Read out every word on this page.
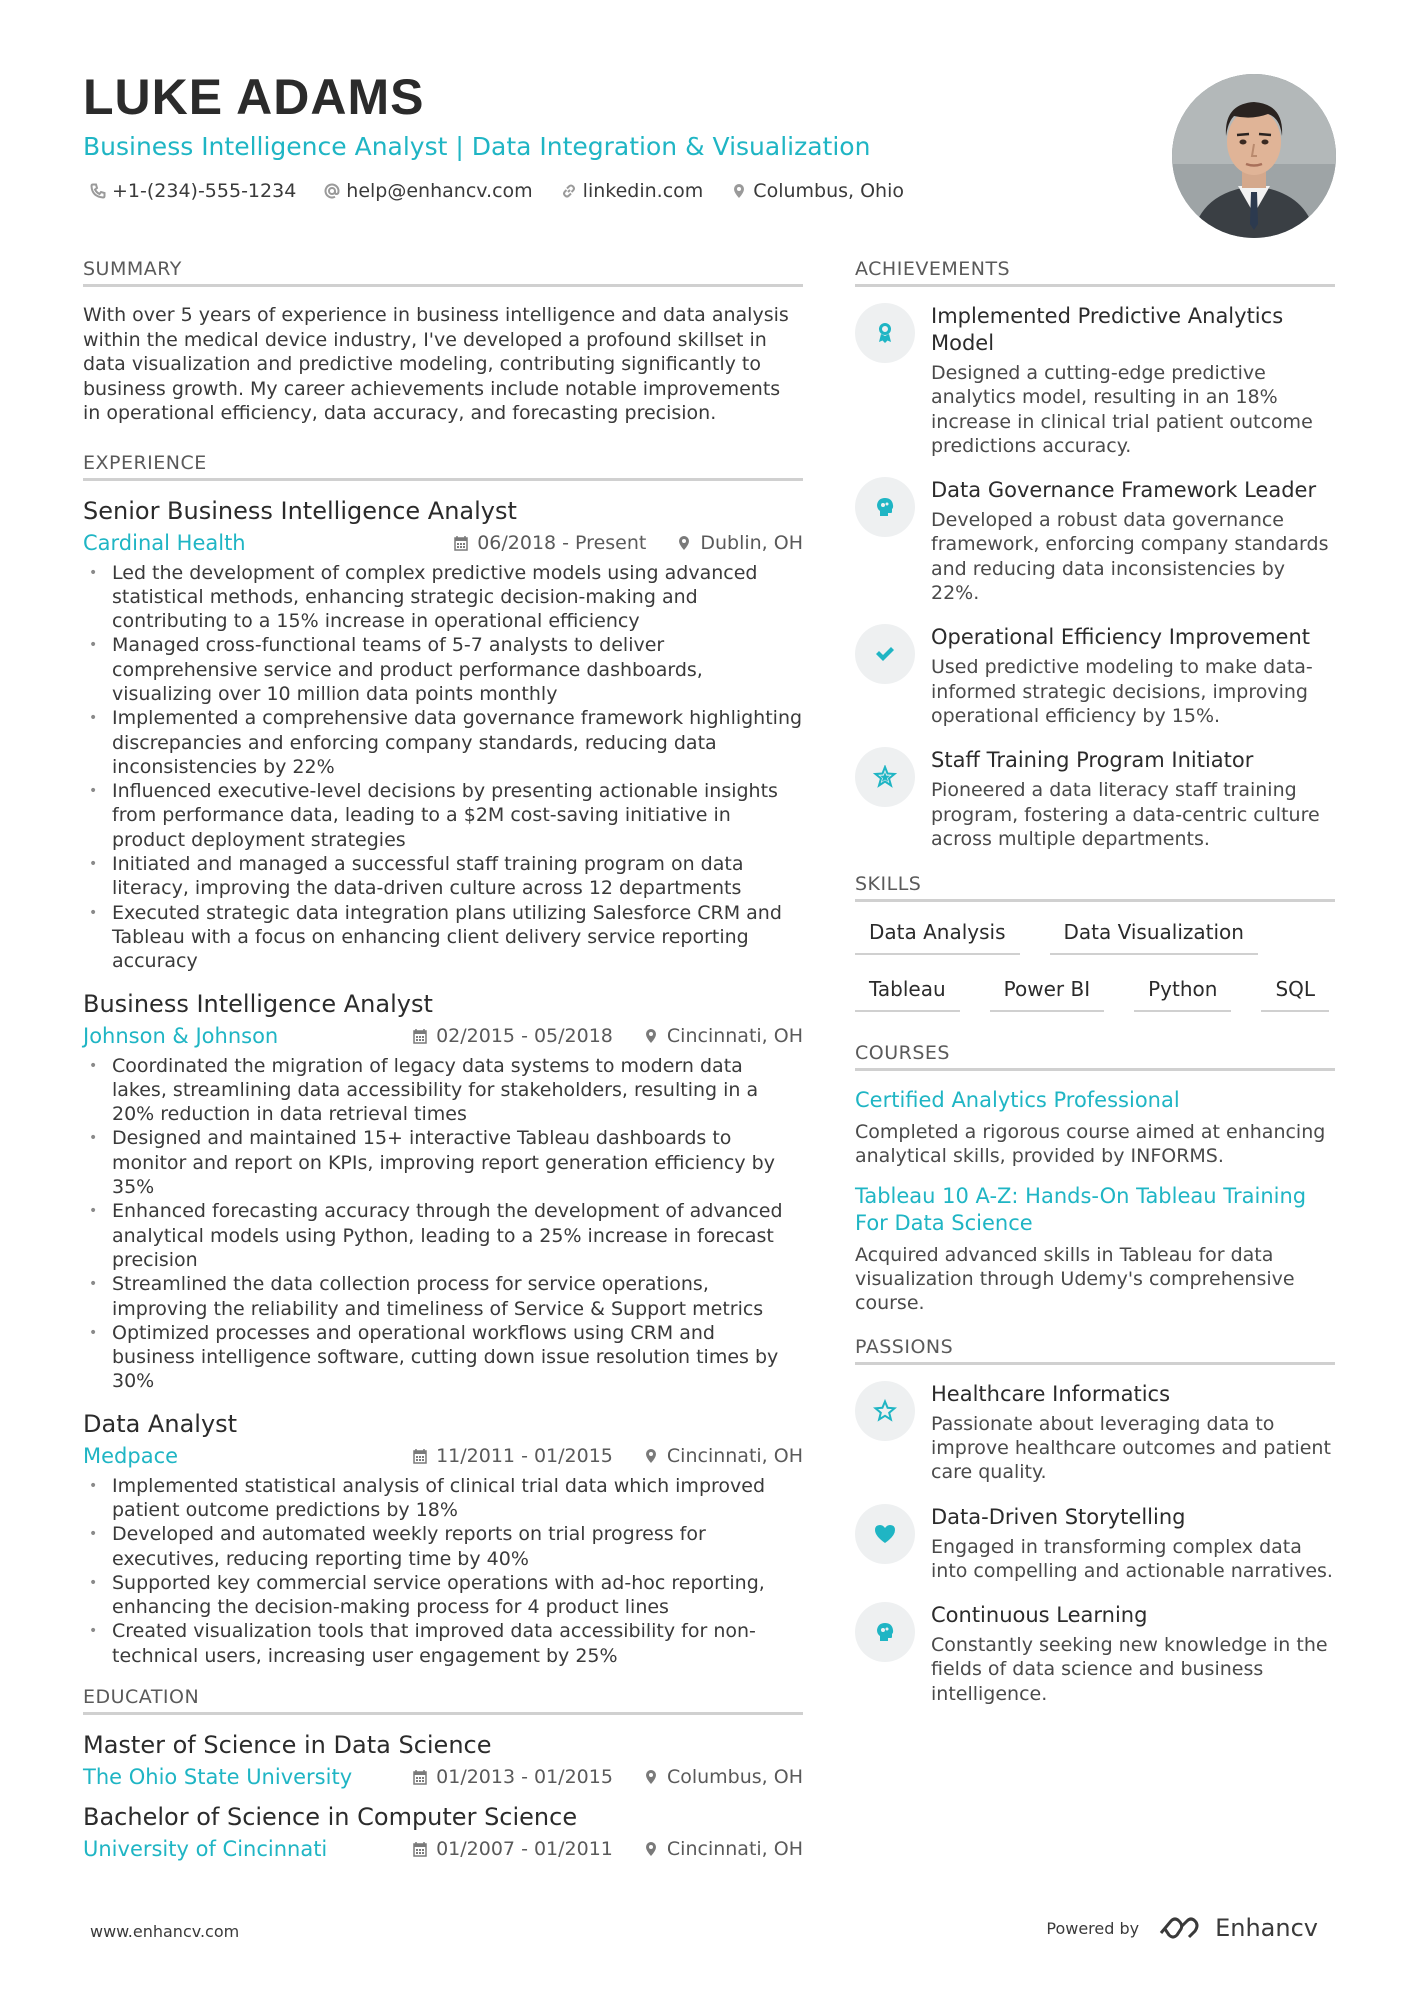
LUKE ADAMS
Business Intelligence Analyst | Data Integration & Visualization
+1-(234)-555-1234	help@enhancv.com	linkedin.com	Columbus, Ohio
SUMMARY
With over 5 years of experience in business intelligence and data analysis within the medical device industry, I've developed a profound skillset in data visualization and predictive modeling, contributing significantly to business growth. My career achievements include notable improvements in operational efficiency, data accuracy, and forecasting precision.
EXPERIENCE
Senior Business Intelligence Analyst
Cardinal Health	06/2018 - Present	Dublin, OH
• Led the development of complex predictive models using advanced statistical methods, enhancing strategic decision-making and contributing to a 15% increase in operational efficiency
• Managed cross-functional teams of 5-7 analysts to deliver comprehensive service and product performance dashboards, visualizing over 10 million data points monthly
• Implemented a comprehensive data governance framework highlighting discrepancies and enforcing company standards, reducing data inconsistencies by 22%
• Influenced executive-level decisions by presenting actionable insights from performance data, leading to a $2M cost-saving initiative in product deployment strategies
• Initiated and managed a successful staff training program on data literacy, improving the data-driven culture across 12 departments
• Executed strategic data integration plans utilizing Salesforce CRM and Tableau with a focus on enhancing client delivery service reporting accuracy
Business Intelligence Analyst
Johnson & Johnson	02/2015 - 05/2018	Cincinnati, OH
• Coordinated the migration of legacy data systems to modern data lakes, streamlining data accessibility for stakeholders, resulting in a 20% reduction in data retrieval times
• Designed and maintained 15+ interactive Tableau dashboards to monitor and report on KPIs, improving report generation efficiency by 35%
• Enhanced forecasting accuracy through the development of advanced analytical models using Python, leading to a 25% increase in forecast precision
• Streamlined the data collection process for service operations, improving the reliability and timeliness of Service & Support metrics
• Optimized processes and operational workflows using CRM and business intelligence software, cutting down issue resolution times by 30%
Data Analyst
Medpace	11/2011 - 01/2015	Cincinnati, OH
• Implemented statistical analysis of clinical trial data which improved patient outcome predictions by 18%
• Developed and automated weekly reports on trial progress for executives, reducing reporting time by 40%
• Supported key commercial service operations with ad-hoc reporting, enhancing the decision-making process for 4 product lines
• Created visualization tools that improved data accessibility for non-technical users, increasing user engagement by 25%
EDUCATION
Master of Science in Data Science
The Ohio State University	01/2013 - 01/2015	Columbus, OH
Bachelor of Science in Computer Science
University of Cincinnati	01/2007 - 01/2011	Cincinnati, OH
ACHIEVEMENTS
Implemented Predictive Analytics Model
Designed a cutting-edge predictive analytics model, resulting in an 18% increase in clinical trial patient outcome predictions accuracy.
Data Governance Framework Leader
Developed a robust data governance framework, enforcing company standards and reducing data inconsistencies by 22%.
Operational Efficiency Improvement
Used predictive modeling to make data-informed strategic decisions, improving operational efficiency by 15%.
Staff Training Program Initiator
Pioneered a data literacy staff training program, fostering a data-centric culture across multiple departments.
SKILLS
Data Analysis	Data Visualization
Tableau	Power BI	Python	SQL
COURSES
Certified Analytics Professional
Completed a rigorous course aimed at enhancing analytical skills, provided by INFORMS.
Tableau 10 A-Z: Hands-On Tableau Training For Data Science
Acquired advanced skills in Tableau for data visualization through Udemy's comprehensive course.
PASSIONS
Healthcare Informatics
Passionate about leveraging data to improve healthcare outcomes and patient care quality.
Data-Driven Storytelling
Engaged in transforming complex data into compelling and actionable narratives.
Continuous Learning
Constantly seeking new knowledge in the fields of data science and business intelligence.
www.enhancv.com	Powered by	Enhancv
